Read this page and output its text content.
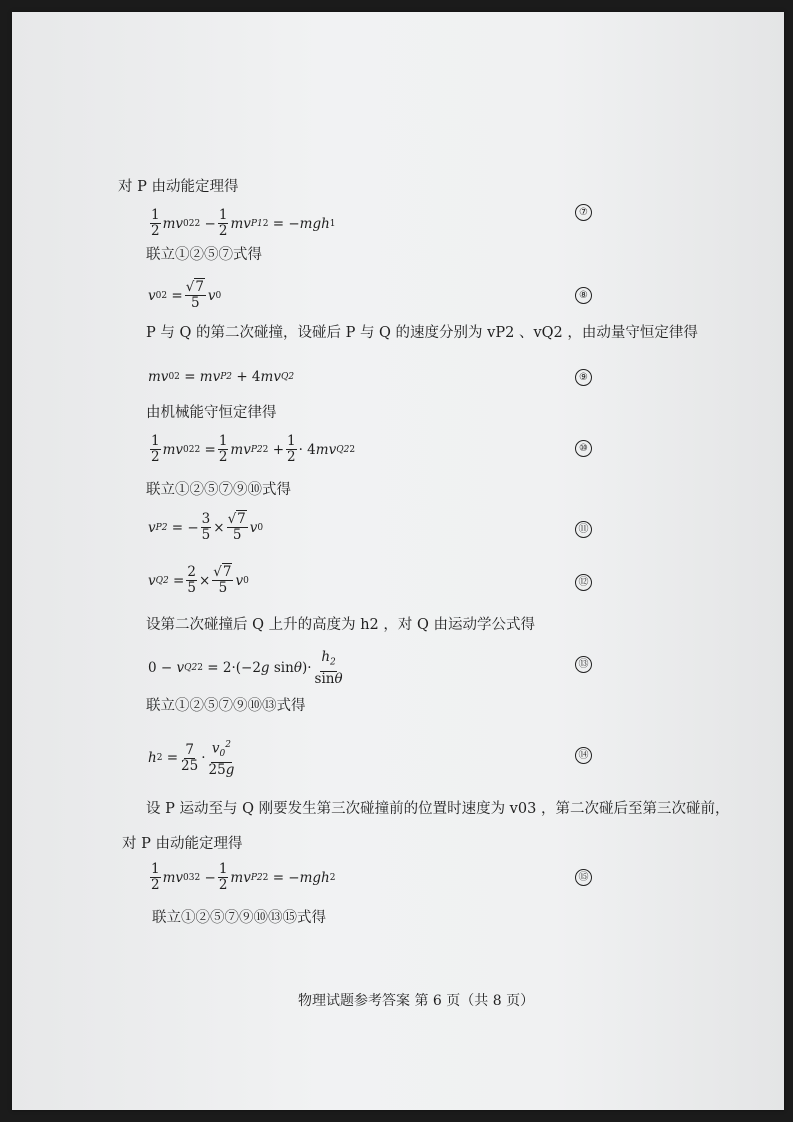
对 P 由动能定理得
$\frac{1}{2}$ m v 02 2
− $\frac{1}{2}$ m v P1 2
= − mgh 1
⑦
联立①②⑤⑦式得
v 02
= $\frac{√7}{5}$ v 0	⑧
P 与 Q 的第二次碰撞，设碰后 P 与 Q 的速度分别为 vP2 、vQ2 ，由动量守恒定律得
mv 02
= mv P2
+ 4 mv Q2	⑨
由机械能守恒定律得
$\frac{1}{2}$ mv 02 2
= $\frac{1}{2}$ mv P2 2
+ $\frac{1}{2} \cdot 4$ mv Q2 2	⑩
联立①②⑤⑦⑨⑩式得
v P2
= − $\frac{3}{5} \times \frac{√7}{5}$ v 0	⑪
v Q2
= $\frac{2}{5} \times \frac{√7}{5}$ v 0	⑫
设第二次碰撞后 Q 上升的高度为 h2 ，对 Q 由运动学公式得
0 − v Q2 2
= 2·(−2 g sin θ )· $\frac{h_2}{\sin\theta}$	⑬
联立①②⑤⑦⑨⑩⑬式得
h 2
= $\frac{7}{25} \cdot \frac{v_0^2}{25g}$	⑭
设 P 运动至与 Q 刚要发生第三次碰撞前的位置时速度为 v03 ，第二次碰后至第三次碰前，
对 P 由动能定理得
$\frac{1}{2}$ mv 03 2
− $\frac{1}{2}$ mv P2 2
= − mgh 2	⑮
联立①②⑤⑦⑨⑩⑬⑮式得
物理试题参考答案 第 6 页（共 8 页）
